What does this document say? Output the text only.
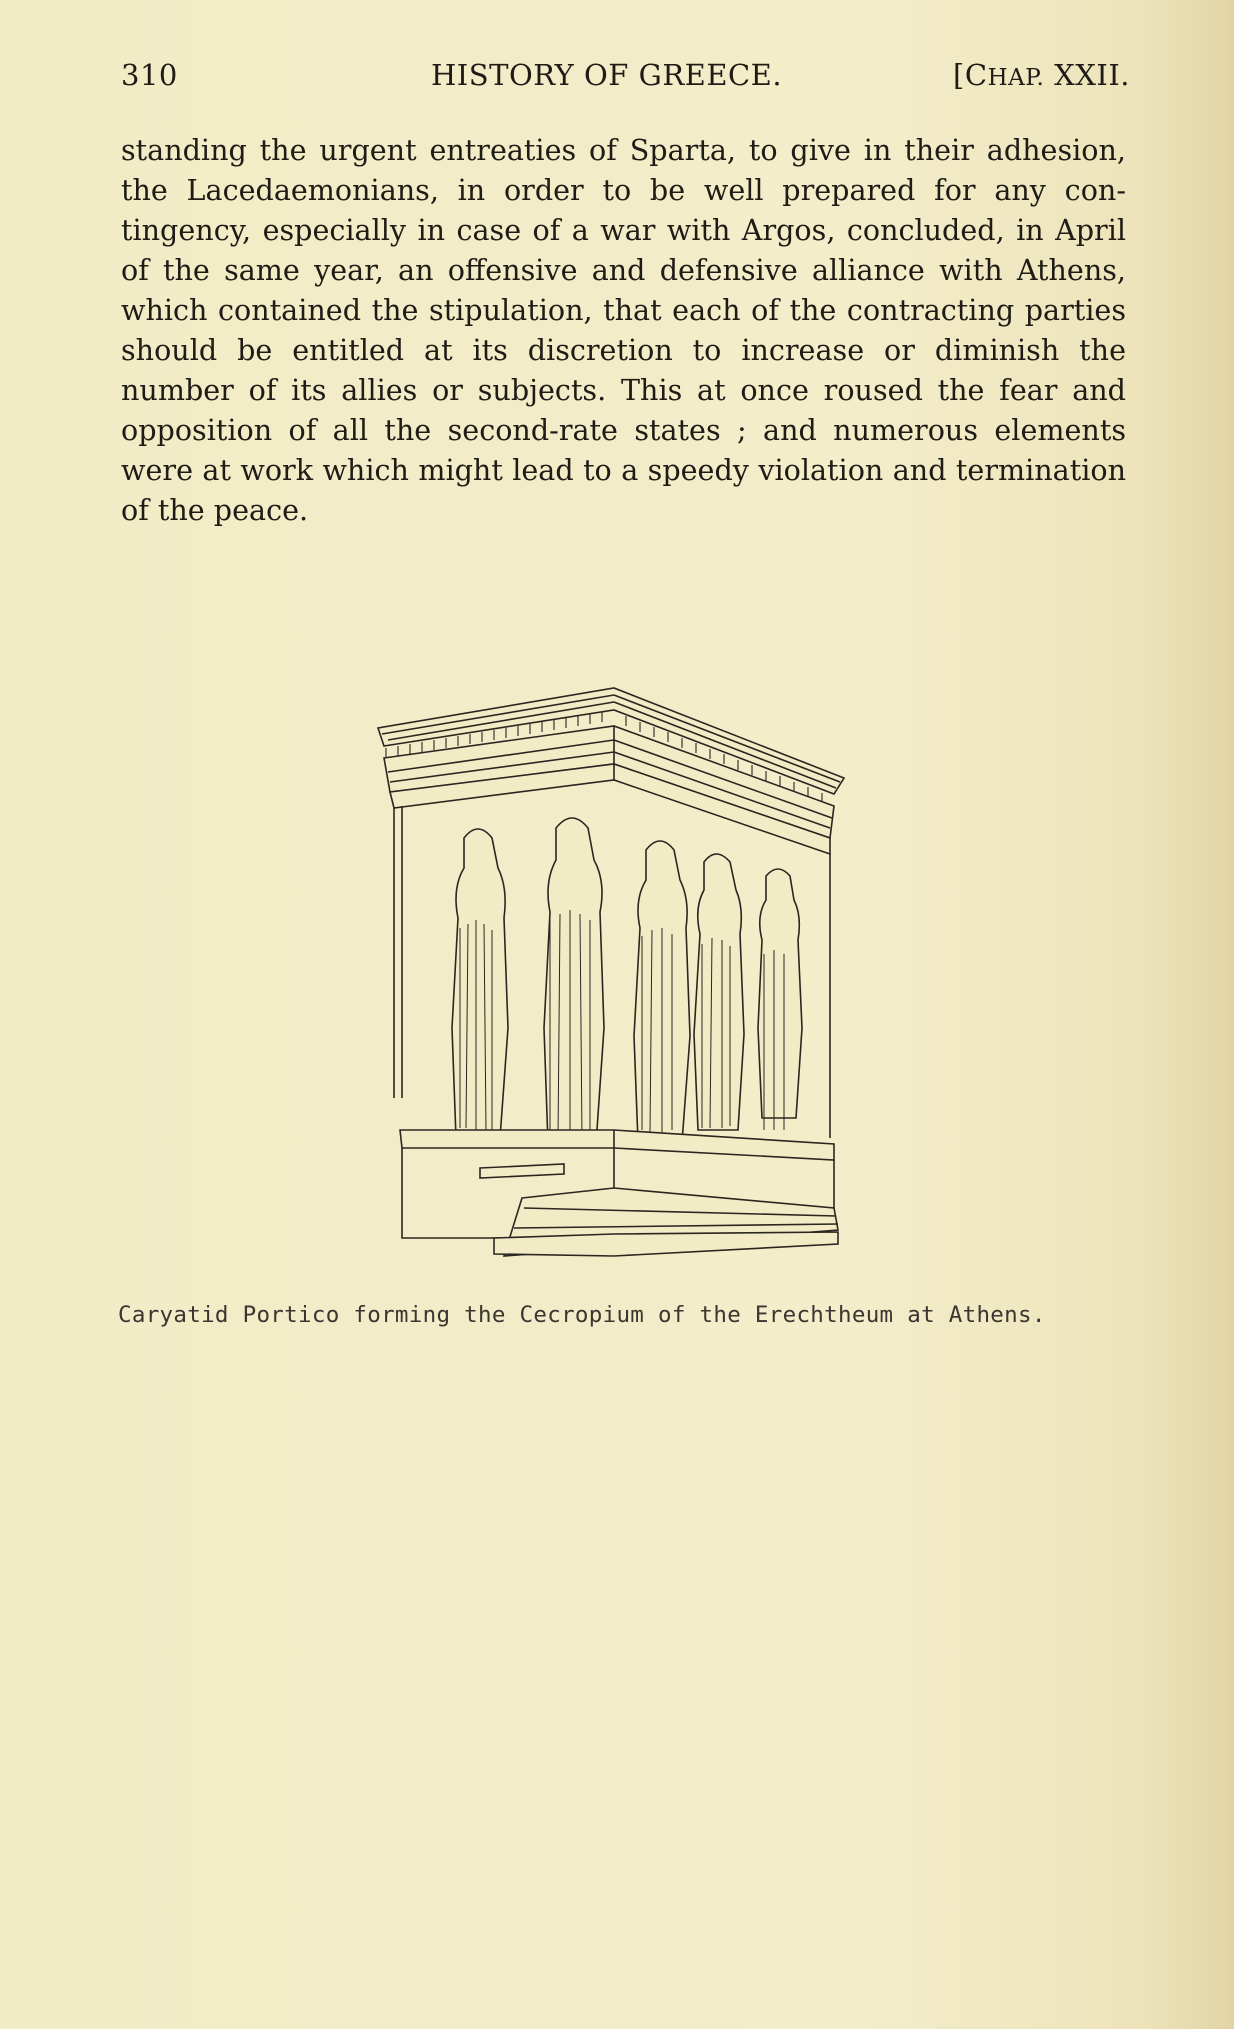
310	HISTORY OF GREECE.	[CHAP. XXII.

standing the urgent entreaties of Sparta, to give in their adhesion, the Lacedaemonians, in order to be well prepared for any contingency, especially in case of a war with Argos, concluded, in April of the same year, an offensive and defensive alliance with Athens, which contained the stipulation, that each of the contracting parties should be entitled at its discretion to increase or diminish the number of its allies or subjects. This at once roused the fear and opposition of all the second-rate states ; and numerous elements were at work which might lead to a speedy violation and termination of the peace.

Caryatid Portico forming the Cecropium of the Erechtheum at Athens.
